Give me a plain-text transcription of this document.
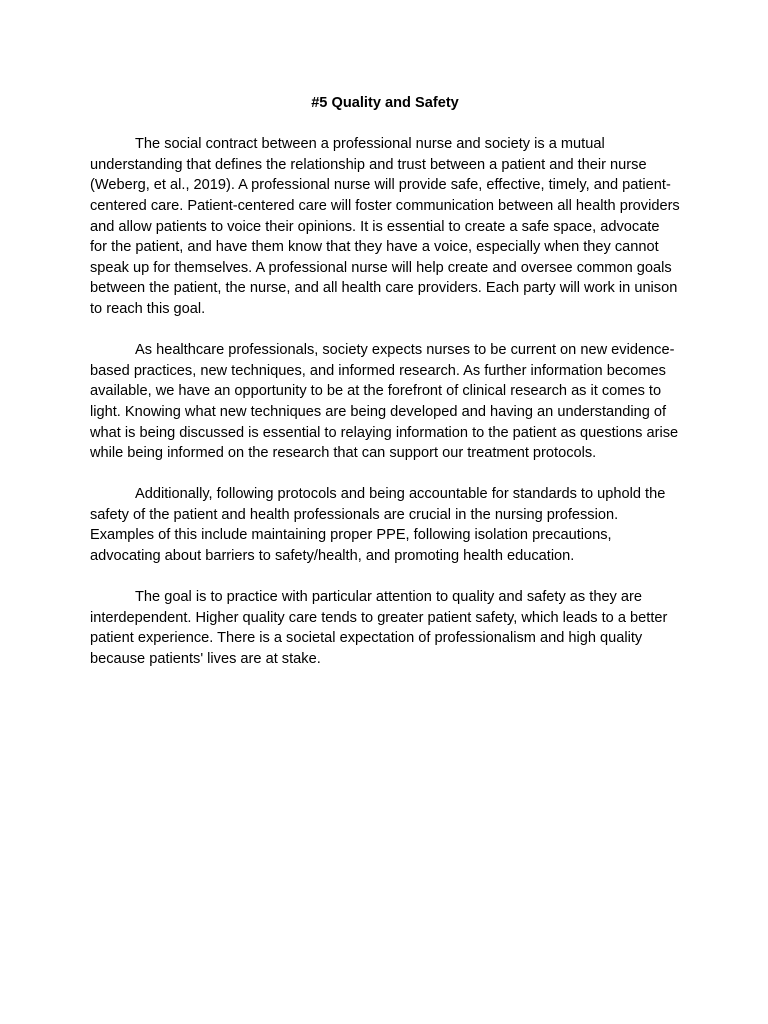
#5 Quality and Safety

The social contract between a professional nurse and society is a mutual understanding that defines the relationship and trust between a patient and their nurse (Weberg, et al., 2019). A professional nurse will provide safe, effective, timely, and patient-centered care. Patient-centered care will foster communication between all health providers and allow patients to voice their opinions. It is essential to create a safe space, advocate for the patient, and have them know that they have a voice, especially when they cannot speak up for themselves. A professional nurse will help create and oversee common goals between the patient, the nurse, and all health care providers. Each party will work in unison to reach this goal.

As healthcare professionals, society expects nurses to be current on new evidence-based practices, new techniques, and informed research. As further information becomes available, we have an opportunity to be at the forefront of clinical research as it comes to light. Knowing what new techniques are being developed and having an understanding of what is being discussed is essential to relaying information to the patient as questions arise while being informed on the research that can support our treatment protocols.

Additionally, following protocols and being accountable for standards to uphold the safety of the patient and health professionals are crucial in the nursing profession. Examples of this include maintaining proper PPE, following isolation precautions, advocating about barriers to safety/health, and promoting health education.

The goal is to practice with particular attention to quality and safety as they are interdependent. Higher quality care tends to greater patient safety, which leads to a better patient experience. There is a societal expectation of professionalism and high quality because patients' lives are at stake.
